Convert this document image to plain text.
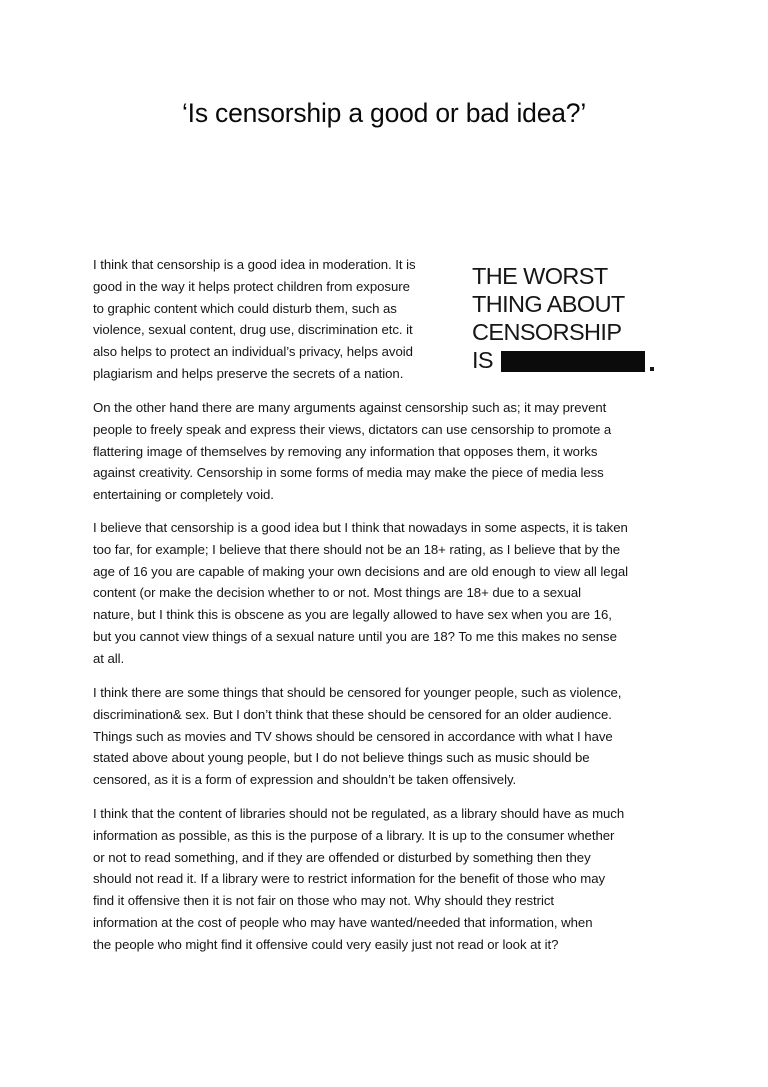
‘Is censorship a good or bad idea?’
THE WORST
THING ABOUT
CENSORSHIP
IS

I think that censorship is a good idea in moderation. It is
good in the way it helps protect children from exposure
to graphic content which could disturb them, such as
violence, sexual content, drug use, discrimination etc. it
also helps to protect an individual’s privacy, helps avoid
plagiarism and helps preserve the secrets of a nation.

On the other hand there are many arguments against censorship such as; it may prevent
people to freely speak and express their views, dictators can use censorship to promote a
flattering image of themselves by removing any information that opposes them, it works
against creativity. Censorship in some forms of media may make the piece of media less
entertaining or completely void.

I believe that censorship is a good idea but I think that nowadays in some aspects, it is taken
too far, for example; I believe that there should not be an 18+ rating, as I believe that by the
age of 16 you are capable of making your own decisions and are old enough to view all legal
content (or make the decision whether to or not. Most things are 18+ due to a sexual
nature, but I think this is obscene as you are legally allowed to have sex when you are 16,
but you cannot view things of a sexual nature until you are 18? To me this makes no sense
at all.

I think there are some things that should be censored for younger people, such as violence,
discrimination& sex. But I don’t think that these should be censored for an older audience.
Things such as movies and TV shows should be censored in accordance with what I have
stated above about young people, but I do not believe things such as music should be
censored, as it is a form of expression and shouldn’t be taken offensively.

I think that the content of libraries should not be regulated, as a library should have as much
information as possible, as this is the purpose of a library. It is up to the consumer whether
or not to read something, and if they are offended or disturbed by something then they
should not read it. If a library were to restrict information for the benefit of those who may
find it offensive then it is not fair on those who may not. Why should they restrict
information at the cost of people who may have wanted/needed that information, when
the people who might find it offensive could very easily just not read or look at it?
